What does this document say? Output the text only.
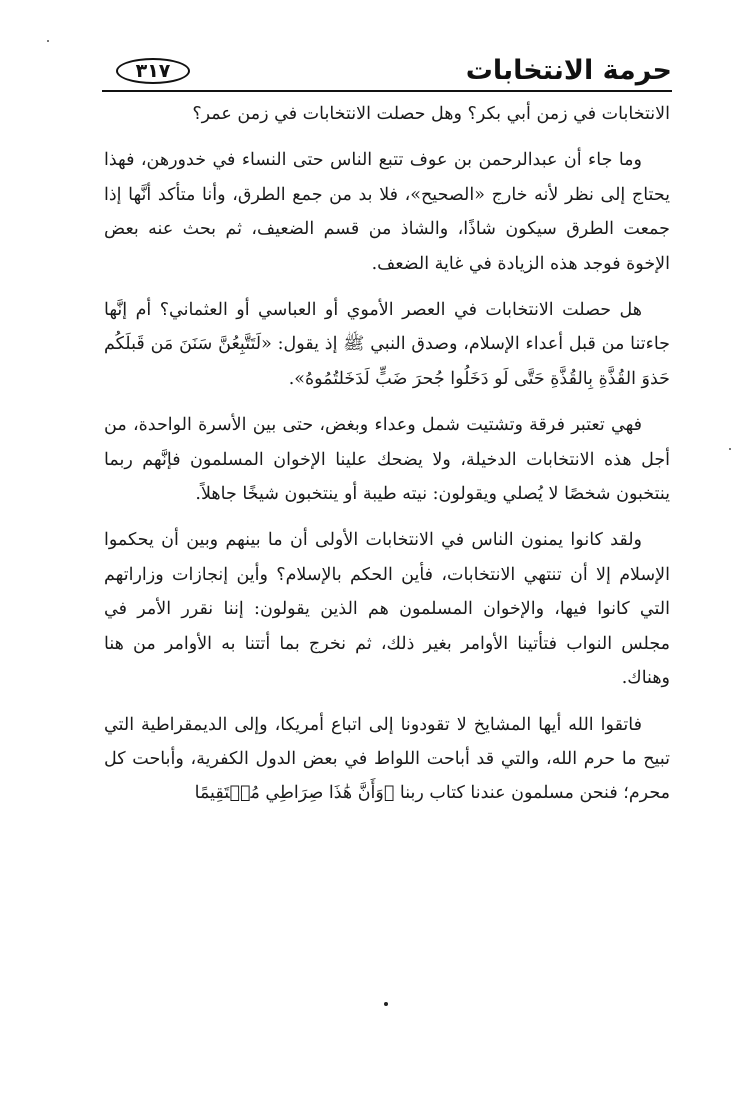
حرمة الانتخابات
٣١٧

الانتخابات في زمن أبي بكر؟ وهل حصلت الانتخابات في زمن عمر؟

وما جاء أن عبدالرحمن بن عوف تتبع الناس حتى النساء في خدورهن، فهذا يحتاج إلى نظر لأنه خارج «الصحيح»، فلا بد من جمع الطرق، وأنا متأكد أنَّها إذا جمعت الطرق سيكون شاذًا، والشاذ من قسم الضعيف، ثم بحث عنه بعض الإخوة فوجد هذه الزيادة في غاية الضعف.

هل حصلت الانتخابات في العصر الأموي أو العباسي أو العثماني؟ أم إنَّها جاءتنا من قبل أعداء الإسلام، وصدق النبي ﷺ إذ يقول: «لَتَتَّبِعُنَّ سَنَنَ مَن قَبلَكُم حَذوَ القُذَّةِ بِالقُذَّةِ حَتَّى لَو دَخَلُوا جُحرَ ضَبٍّ لَدَخَلتُمُوهُ».

فهي تعتبر فرقة وتشتيت شمل وعداء وبغض، حتى بين الأسرة الواحدة، من أجل هذه الانتخابات الدخيلة، ولا يضحك علينا الإخوان المسلمون فإنَّهم ربما ينتخبون شخصًا لا يُصلي ويقولون: نيته طيبة أو ينتخبون شيخًا جاهلاً.

ولقد كانوا يمنون الناس في الانتخابات الأولى أن ما بينهم وبين أن يحكموا الإسلام إلا أن تنتهي الانتخابات، فأين الحكم بالإسلام؟ وأين إنجازات وزاراتهم التي كانوا فيها، والإخوان المسلمون هم الذين يقولون: إننا نقرر الأمر في مجلس النواب فتأتينا الأوامر بغير ذلك، ثم نخرج بما أتتنا به الأوامر من هنا وهناك.

فاتقوا الله أيها المشايخ لا تقودونا إلى اتباع أمريكا، وإلى الديمقراطية التي تبيح ما حرم الله، والتي قد أباحت اللواط في بعض الدول الكفرية، وأباحت كل محرم؛ فنحن مسلمون عندنا كتاب ربنا ﴿وَأَنَّ هَٰذَا صِرَاطِي مُسۡتَقِيمًا
